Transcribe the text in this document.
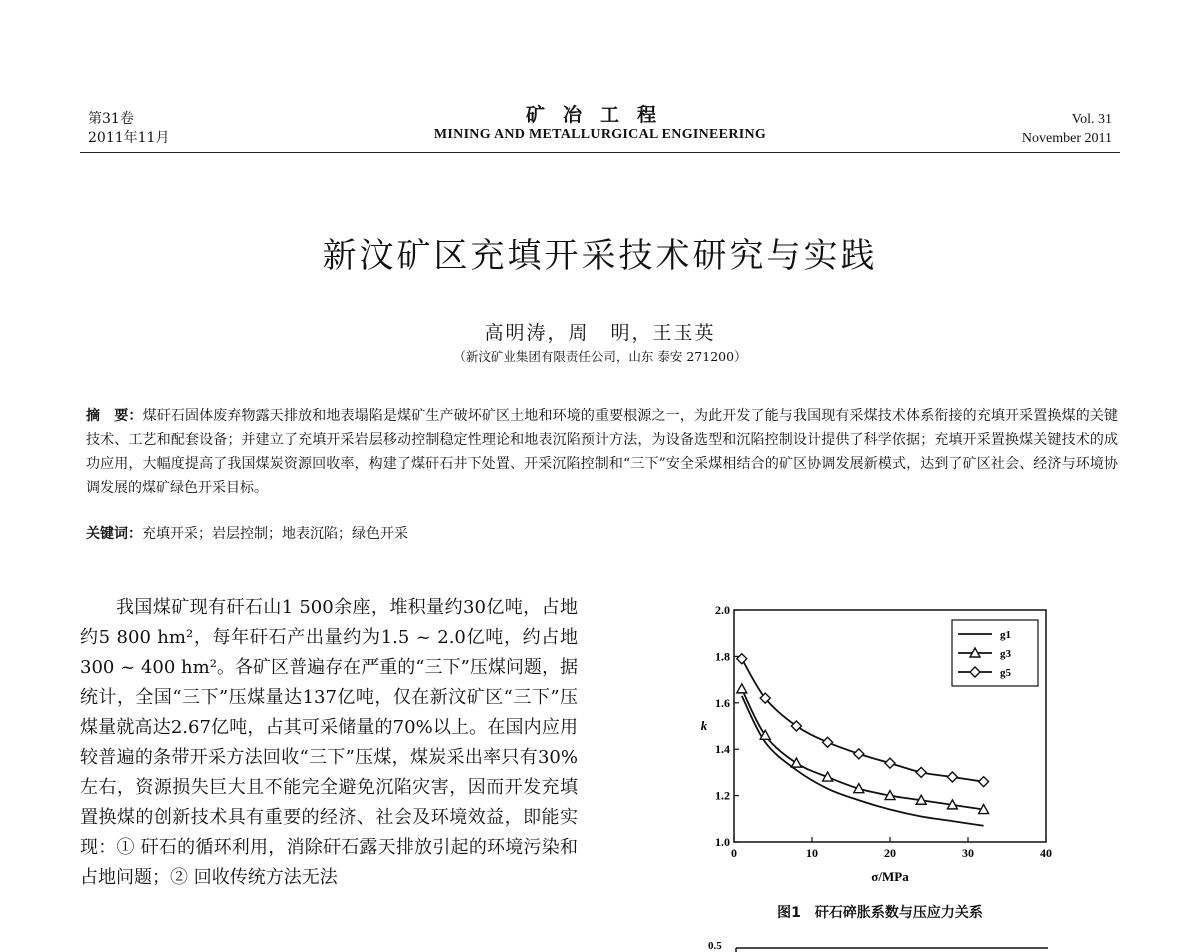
第31卷
2011年11月
矿冶工程
MINING AND METALLURGICAL ENGINEERING
Vol. 31
November 2011
新汶矿区充填开采技术研究与实践
高明涛，周　明，王玉英
（新汶矿业集团有限责任公司，山东 泰安 271200）
摘　要：煤矸石固体废弃物露天排放和地表塌陷是煤矿生产破坏矿区土地和环境的重要根源之一，为此开发了能与我国现有采煤技术体系衔接的充填开采置换煤的关键技术、工艺和配套设备；并建立了充填开采岩层移动控制稳定性理论和地表沉陷预计方法，为设备选型和沉陷控制设计提供了科学依据；充填开采置换煤关键技术的成功应用，大幅度提高了我国煤炭资源回收率，构建了煤矸石井下处置、开采沉陷控制和“三下”安全采煤相结合的矿区协调发展新模式，达到了矿区社会、经济与环境协调发展的煤矿绿色开采目标。
关键词：充填开采；岩层控制；地表沉陷；绿色开采

我国煤矿现有矸石山1 500余座，堆积量约30亿吨，占地约5 800 hm²，每年矸石产出量约为1.5 ~ 2.0亿吨，约占地300 ~ 400 hm²。各矿区普遍存在严重的“三下”压煤问题，据统计，全国“三下”压煤量达137亿吨，仅在新汶矿区“三下”压煤量就高达2.67亿吨，占其可采储量的70%以上。在国内应用较普遍的条带开采方法回收“三下”压煤，煤炭采出率只有30%左右，资源损失巨大且不能完全避免沉陷灾害，因而开发充填置换煤的创新技术具有重要的经济、社会及环境效益，即能实现：① 矸石的循环利用，消除矸石露天排放引起的环境污染和占地问题；② 回收传统方法无法

0	10	20	30	40
1.0
1.2
1.4
1.6
1.8
2.0
g1
g3
g5
σ/MPa
k
图1　矸石碎胀系数与压应力关系
0.5
